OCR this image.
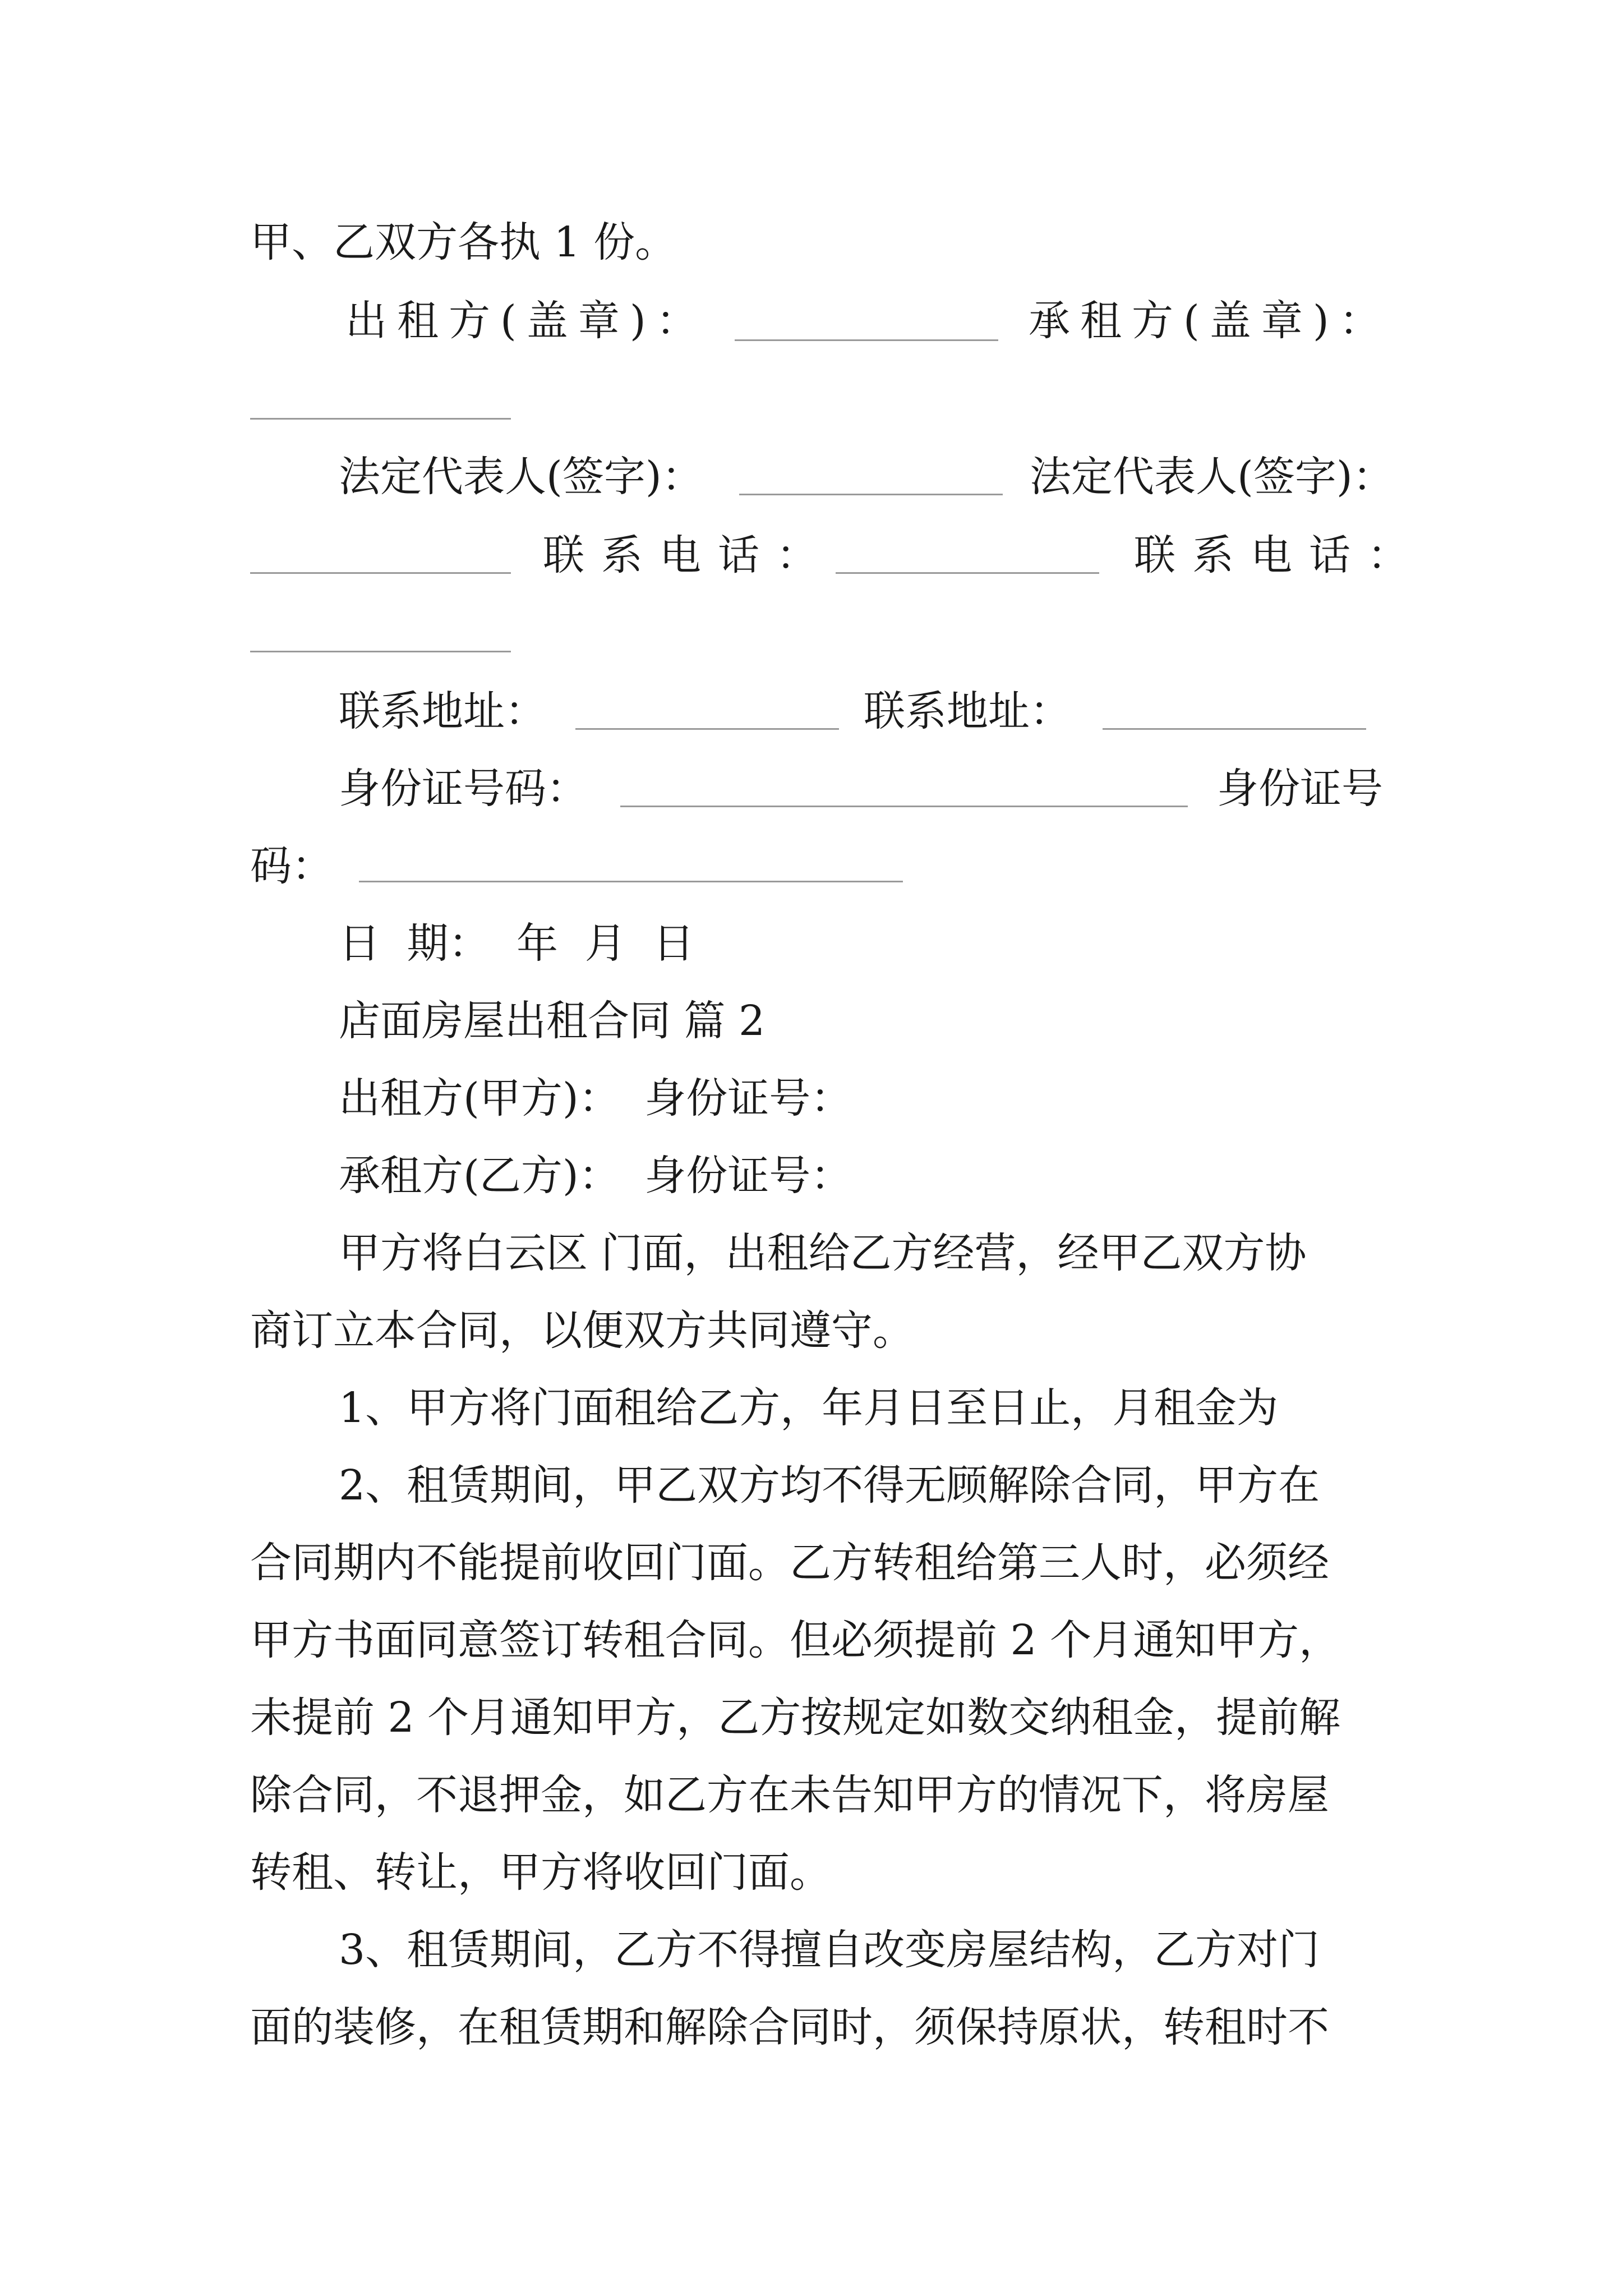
甲、乙双方各执 1 份。
出租方(盖章)：	承租方(盖章)：
法定代表人(签字)：	法定代表人(签字)：
联系电话：	联系电话：
联系地址：	联系地址：
身份证号码：	身份证号
码：
日 期： 年 月 日
店面房屋出租合同 篇 2
出租方(甲方)： 身份证号：
承租方(乙方)： 身份证号：
甲方将白云区 门面，出租给乙方经营，经甲乙双方协
商订立本合同，以便双方共同遵守。
1、甲方将门面租给乙方，年月日至日止，月租金为
2、租赁期间，甲乙双方均不得无顾解除合同，甲方在
合同期内不能提前收回门面。乙方转租给第三人时，必须经
甲方书面同意签订转租合同。但必须提前 2 个月通知甲方，
未提前 2 个月通知甲方，乙方按规定如数交纳租金，提前解
除合同，不退押金，如乙方在未告知甲方的情况下，将房屋
转租、转让，甲方将收回门面。
3、租赁期间，乙方不得擅自改变房屋结构，乙方对门
面的装修，在租赁期和解除合同时，须保持原状，转租时不
